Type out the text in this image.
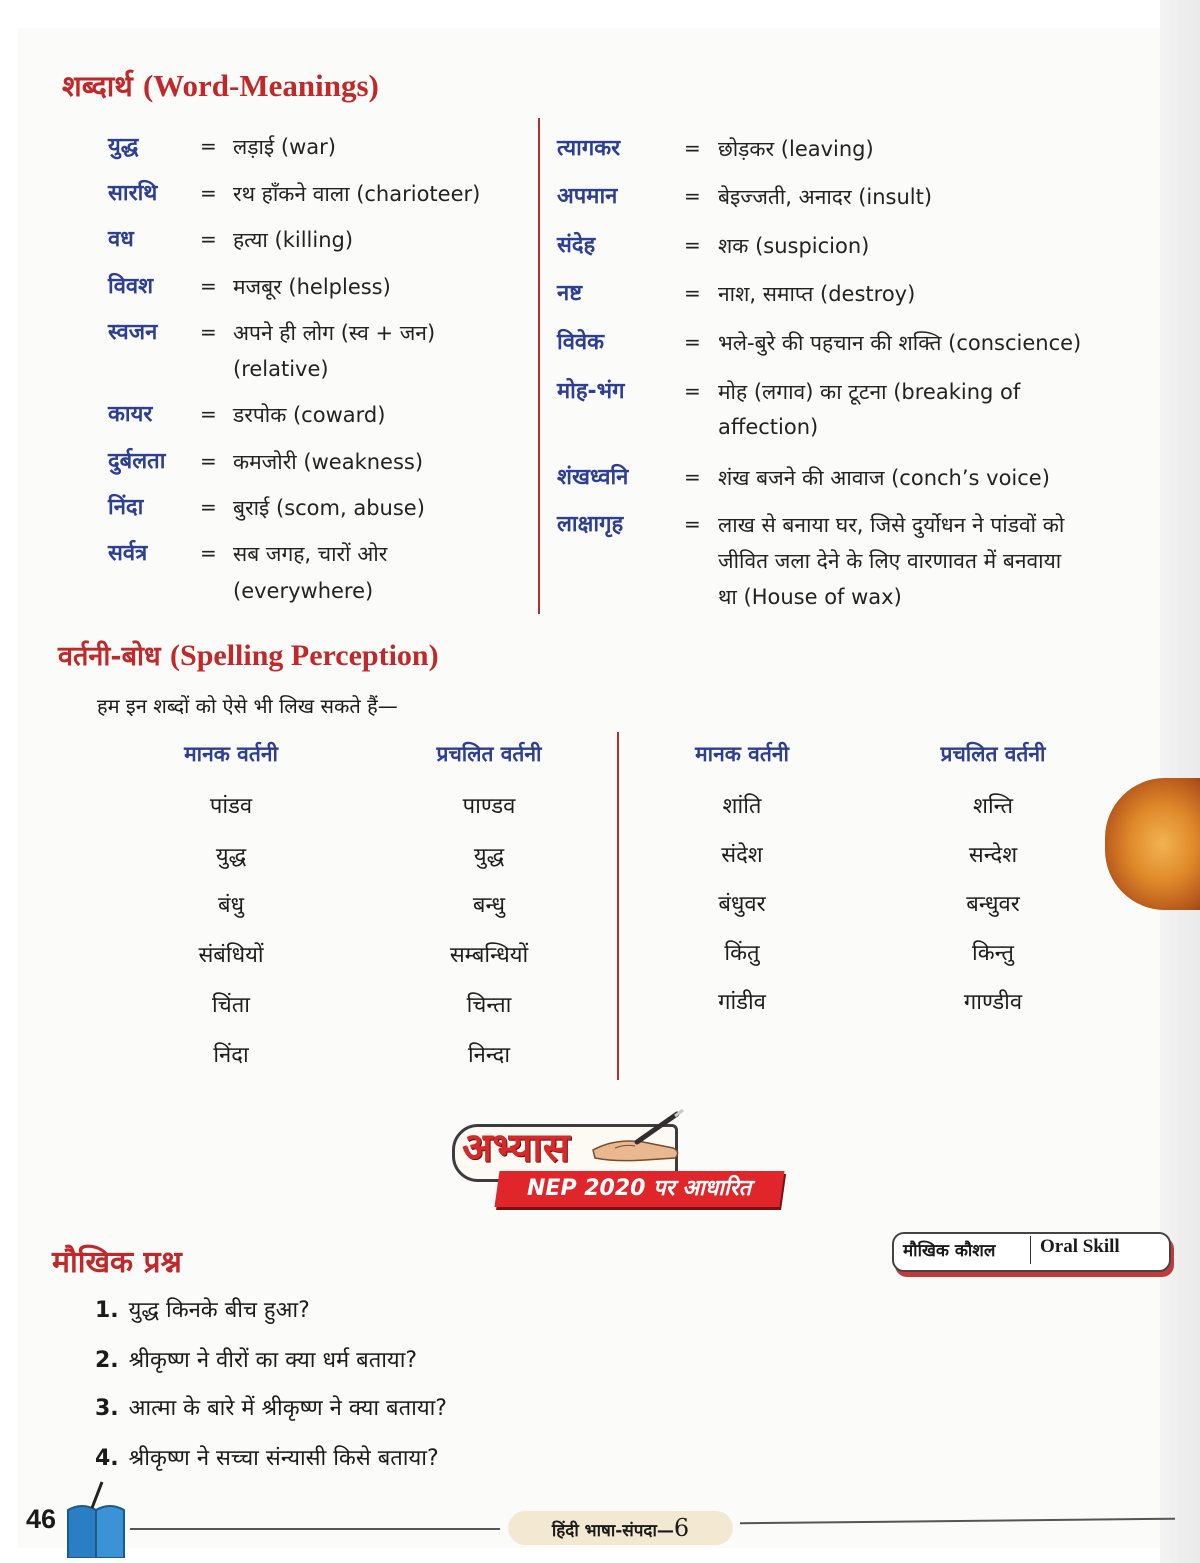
शब्दार्थ (Word-Meanings)
युद्ध	= लड़ाई (war)
सारथि = रथ हाँकने वाला (charioteer)
वध	= हत्या (killing)
विवश = मजबूर (helpless)
स्वजन = अपने ही लोग (स्व + जन)
(relative)
कायर = डरपोक (coward)
दुर्बलता = कमजोरी (weakness)
निंदा	= बुराई (scom, abuse)
सर्वत्र	= सब जगह, चारों ओर
(everywhere)
त्यागकर	= छोड़कर (leaving)
अपमान	= बेइज्जती, अनादर (insult)
संदेह	= शक (suspicion)
नष्ट	= नाश, समाप्त (destroy)
विवेक	= भले-बुरे की पहचान की शक्ति (conscience)
मोह-भंग	= मोह (लगाव) का टूटना (breaking of
affection)
शंखध्वनि	= शंख बजने की आवाज (conch’s voice)
लाक्षागृह	= लाख से बनाया घर, जिसे दुर्योधन ने पांडवों को
जीवित जला देने के लिए वारणावत में बनवाया
था (House of wax)
वर्तनी-बोध (Spelling Perception)
हम इन शब्दों को ऐसे भी लिख सकते हैं—
मानक वर्तनी	प्रचलित वर्तनी	मानक वर्तनी	प्रचलित वर्तनी
पांडव	पाण्डव
युद्ध	युद्ध
बंधु	बन्धु
संबंधियों	सम्बन्धियों
चिंता	चिन्ता
निंदा	निन्दा
शांति	शन्ति
संदेश	सन्देश
बंधुवर	बन्धुवर
किंतु	किन्तु
गांडीव	गाण्डीव
अभ्यास
NEP 2020 पर आधारित
मौखिक प्रश्न	मौखिक कौशल Oral Skill
1. युद्ध किनके बीच हुआ?
2. श्रीकृष्ण ने वीरों का क्या धर्म बताया?
3. आत्मा के बारे में श्रीकृष्ण ने क्या बताया?
4. श्रीकृष्ण ने सच्चा संन्यासी किसे बताया?
46	हिंदी भाषा-संपदा—6
